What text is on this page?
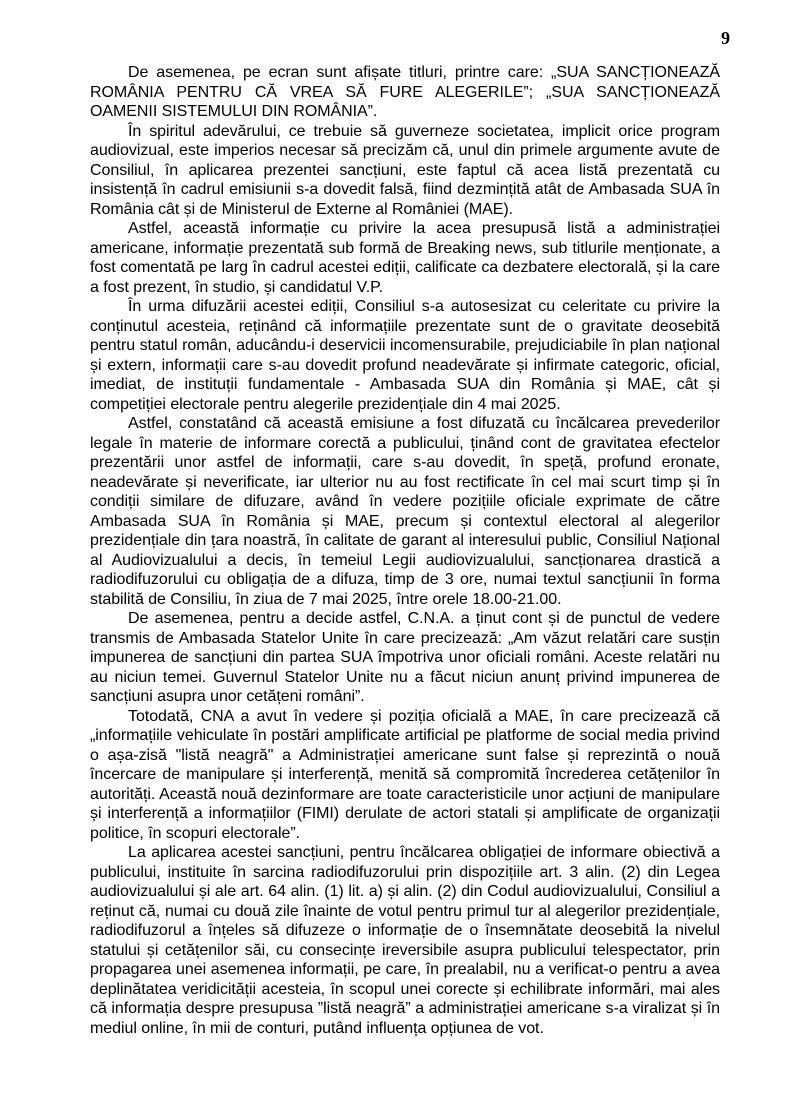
9

De asemenea, pe ecran sunt afișate titluri, printre care: „SUA SANCȚIONEAZĂ ROMÂNIA PENTRU CĂ VREA SĂ FURE ALEGERILE”; „SUA SANCȚIONEAZĂ OAMENII SISTEMULUI DIN ROMÂNIA”.

În spiritul adevărului, ce trebuie să guverneze societatea, implicit orice program audiovizual, este imperios necesar să precizăm că, unul din primele argumente avute de Consiliul, în aplicarea prezentei sancțiuni, este faptul că acea listă prezentată cu insistență în cadrul emisiunii s-a dovedit falsă, fiind dezmințită atât de Ambasada SUA în România cât și de Ministerul de Externe al României (MAE).

Astfel, această informație cu privire la acea presupusă listă a administrației americane, informație prezentată sub formă de Breaking news, sub titlurile menționate, a fost comentată pe larg în cadrul acestei ediții, calificate ca dezbatere electorală, și la care a fost prezent, în studio, și candidatul V.P.

În urma difuzării acestei ediții, Consiliul s-a autosesizat cu celeritate cu privire la conținutul acesteia, reținând că informațiile prezentate sunt de o gravitate deosebită pentru statul român, aducându-i deservicii incomensurabile, prejudiciabile în plan național și extern, informații care s-au dovedit profund neadevărate și infirmate categoric, oficial, imediat, de instituții fundamentale - Ambasada SUA din România și MAE, cât și competiției electorale pentru alegerile prezidențiale din 4 mai 2025.

Astfel, constatând că această emisiune a fost difuzată cu încălcarea prevederilor legale în materie de informare corectă a publicului, ținând cont de gravitatea efectelor prezentării unor astfel de informații, care s-au dovedit, în speță, profund eronate, neadevărate și neverificate, iar ulterior nu au fost rectificate în cel mai scurt timp și în condiții similare de difuzare, având în vedere pozițiile oficiale exprimate de către Ambasada SUA în România și MAE, precum și contextul electoral al alegerilor prezidențiale din țara noastră, în calitate de garant al interesului public, Consiliul Național al Audiovizualului a decis, în temeiul Legii audiovizualului, sancționarea drastică a radiodifuzorului cu obligația de a difuza, timp de 3 ore, numai textul sancțiunii în forma stabilită de Consiliu, în ziua de 7 mai 2025, între orele 18.00-21.00.

De asemenea, pentru a decide astfel, C.N.A. a ținut cont și de punctul de vedere transmis de Ambasada Statelor Unite în care precizează: „Am văzut relatări care susțin impunerea de sancțiuni din partea SUA împotriva unor oficiali români. Aceste relatări nu au niciun temei. Guvernul Statelor Unite nu a făcut niciun anunț privind impunerea de sancțiuni asupra unor cetățeni români”.

Totodată, CNA a avut în vedere și poziția oficială a MAE, în care precizează că „informațiile vehiculate în postări amplificate artificial pe platforme de social media privind o așa-zisă "listă neagră" a Administrației americane sunt false și reprezintă o nouă încercare de manipulare și interferență, menită să compromită încrederea cetățenilor în autorități. Această nouă dezinformare are toate caracteristicile unor acțiuni de manipulare și interferență a informațiilor (FIMI) derulate de actori statali și amplificate de organizații politice, în scopuri electorale”.

La aplicarea acestei sancțiuni, pentru încălcarea obligației de informare obiectivă a publicului, instituite în sarcina radiodifuzorului prin dispozițiile art. 3 alin. (2) din Legea audiovizualului și ale art. 64 alin. (1) lit. a) și alin. (2) din Codul audiovizualului, Consiliul a reținut că, numai cu două zile înainte de votul pentru primul tur al alegerilor prezidențiale, radiodifuzorul a înțeles să difuzeze o informație de o însemnătate deosebită la nivelul statului și cetățenilor săi, cu consecințe ireversibile asupra publicului telespectator, prin propagarea unei asemenea informații, pe care, în prealabil, nu a verificat-o pentru a avea deplinătatea veridicității acesteia, în scopul unei corecte și echilibrate informări, mai ales că informația despre presupusa ”listă neagră” a administrației americane s-a viralizat și în mediul online, în mii de conturi, putând influența opțiunea de vot.
